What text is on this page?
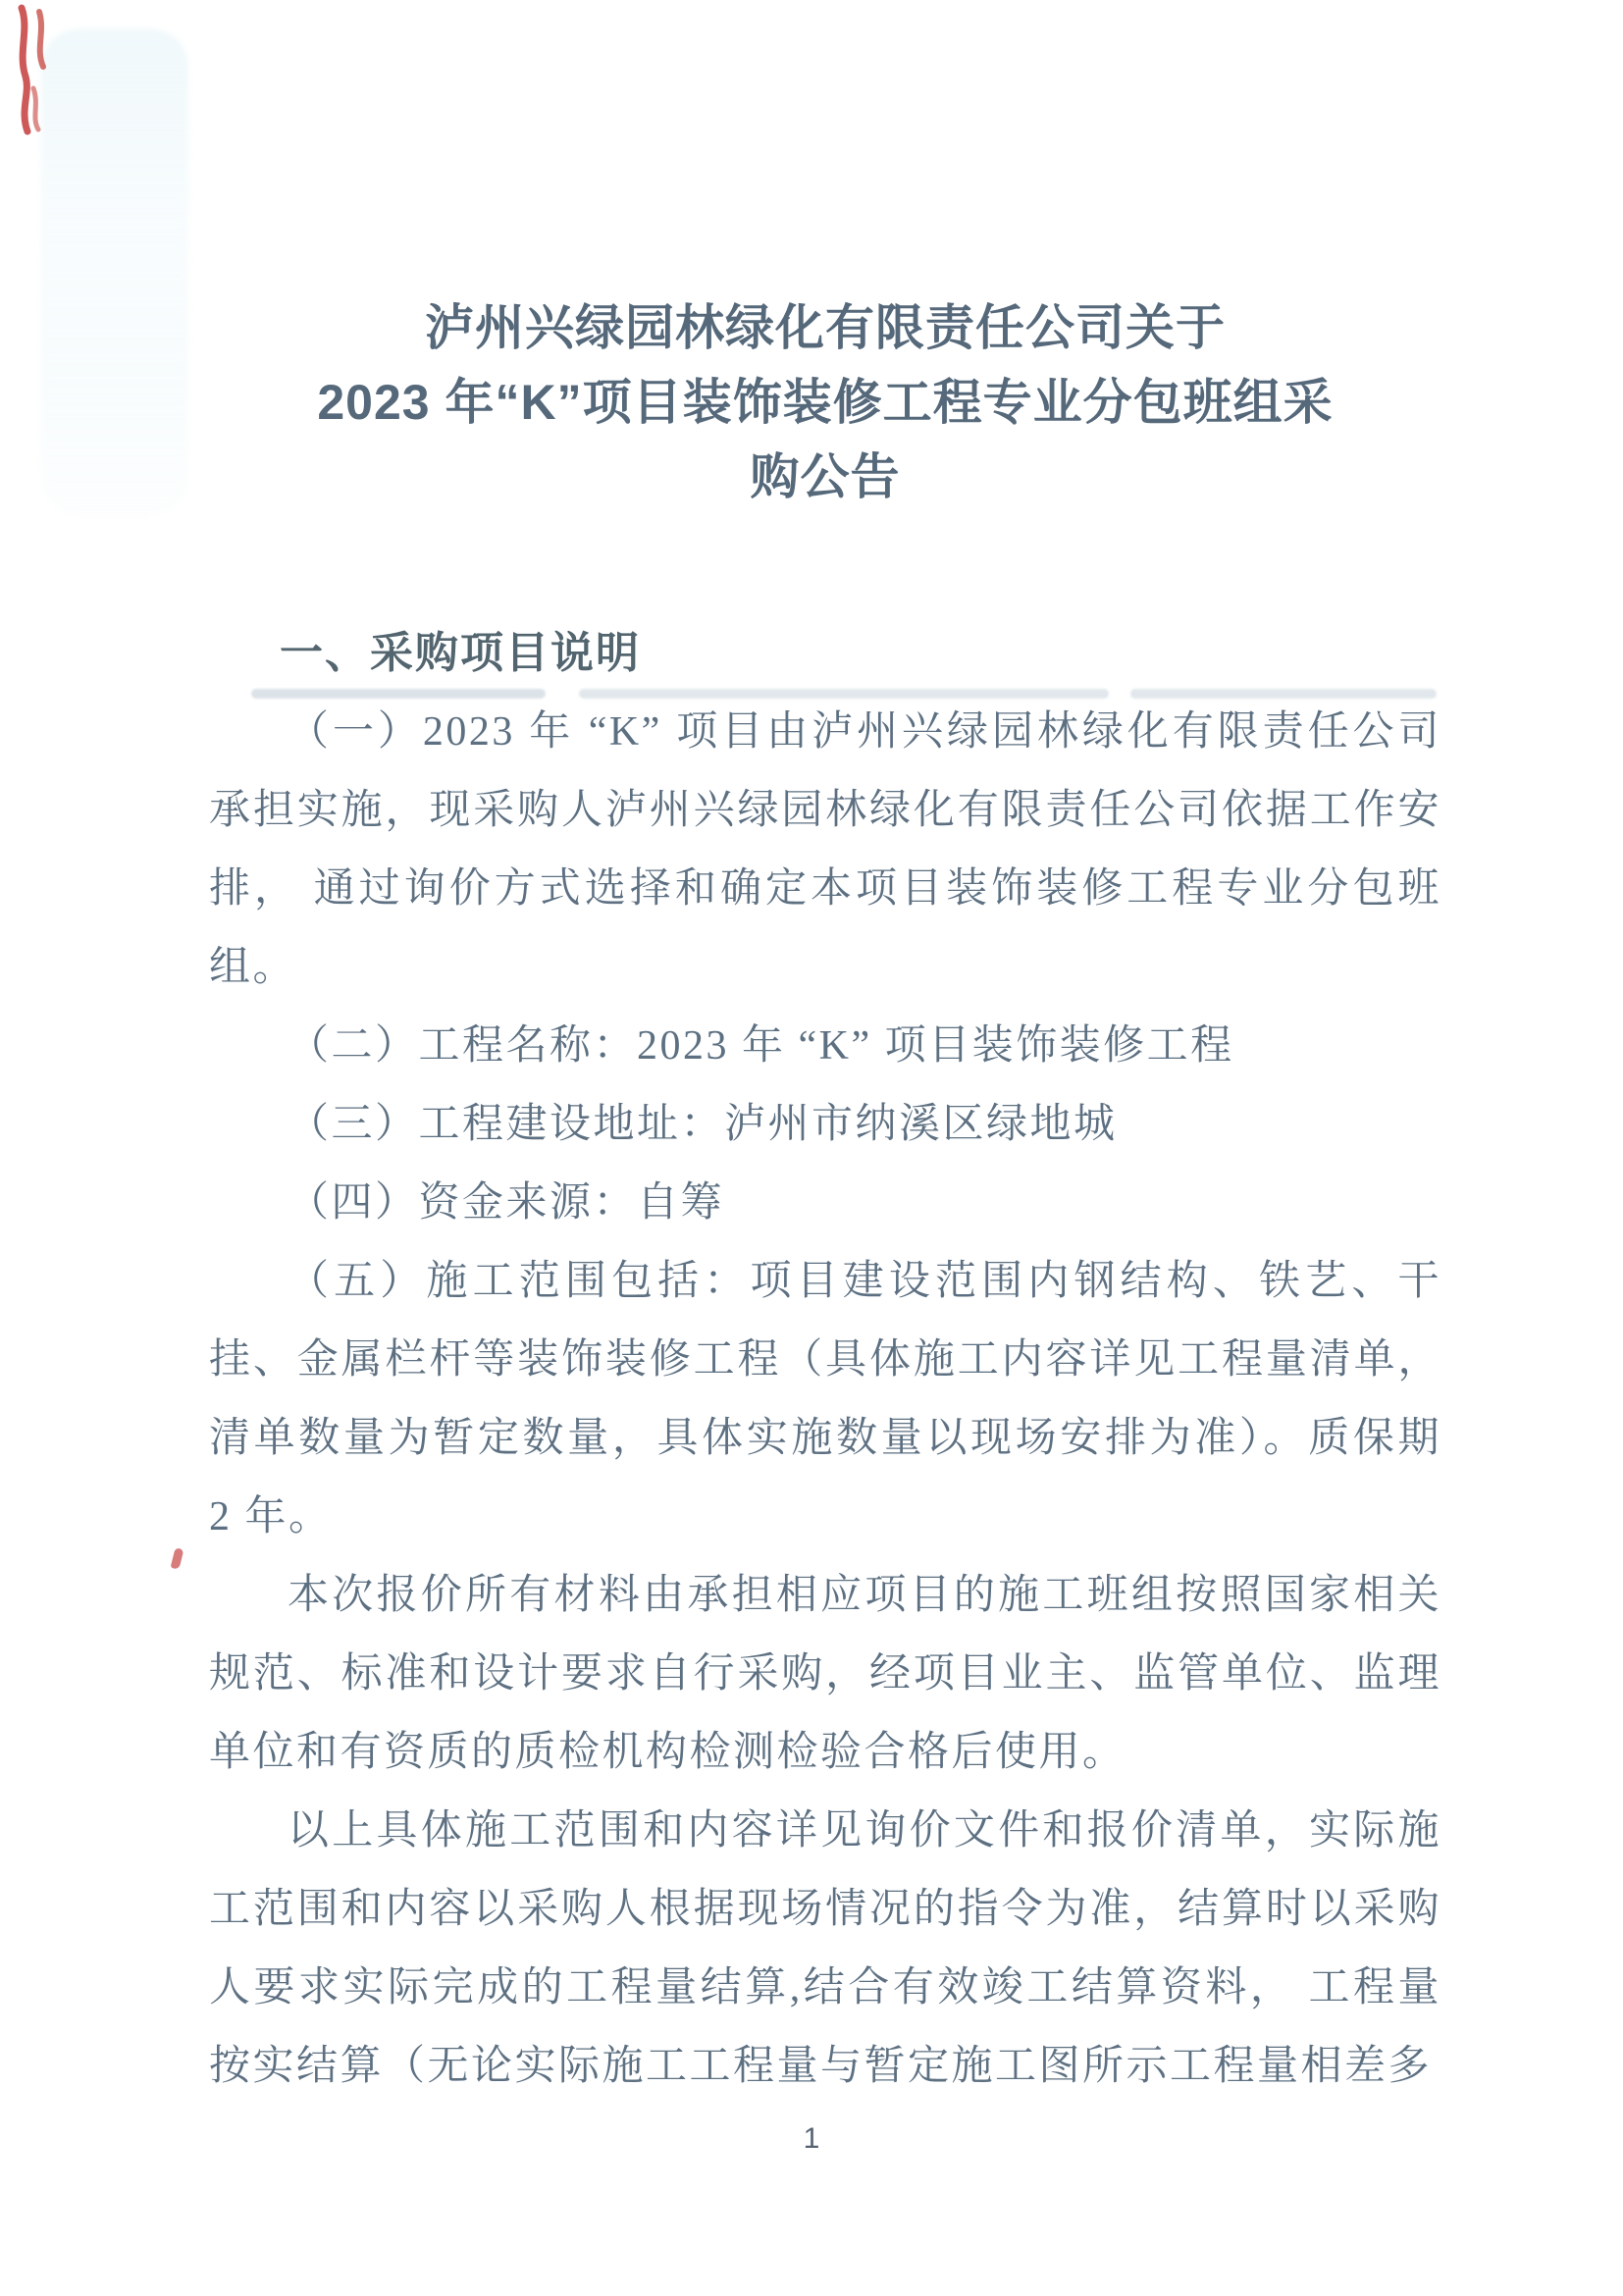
泸州兴绿园林绿化有限责任公司关于
2023 年“K”项目装饰装修工程专业分包班组采
购公告
一、采购项目说明

（一）2023 年 “K” 项目由泸州兴绿园林绿化有限责任公司承担实施，现采购人泸州兴绿园林绿化有限责任公司依据工作安排， 通过询价方式选择和确定本项目装饰装修工程专业分包班组。

（二）工程名称：2023 年 “K” 项目装饰装修工程

（三）工程建设地址：泸州市纳溪区绿地城

（四）资金来源：自筹

（五）施工范围包括：项目建设范围内钢结构、铁艺、干挂、金属栏杆等装饰装修工程（具体施工内容详见工程量清单，清单数量为暂定数量，具体实施数量以现场安排为准）。质保期 2 年。

本次报价所有材料由承担相应项目的施工班组按照国家相关规范、标准和设计要求自行采购，经项目业主、监管单位、监理单位和有资质的质检机构检测检验合格后使用。

以上具体施工范围和内容详见询价文件和报价清单，实际施工范围和内容以采购人根据现场情况的指令为准，结算时以采购人要求实际完成的工程量结算,结合有效竣工结算资料， 工程量按实结算（无论实际施工工程量与暂定施工图所示工程量相差多

1
